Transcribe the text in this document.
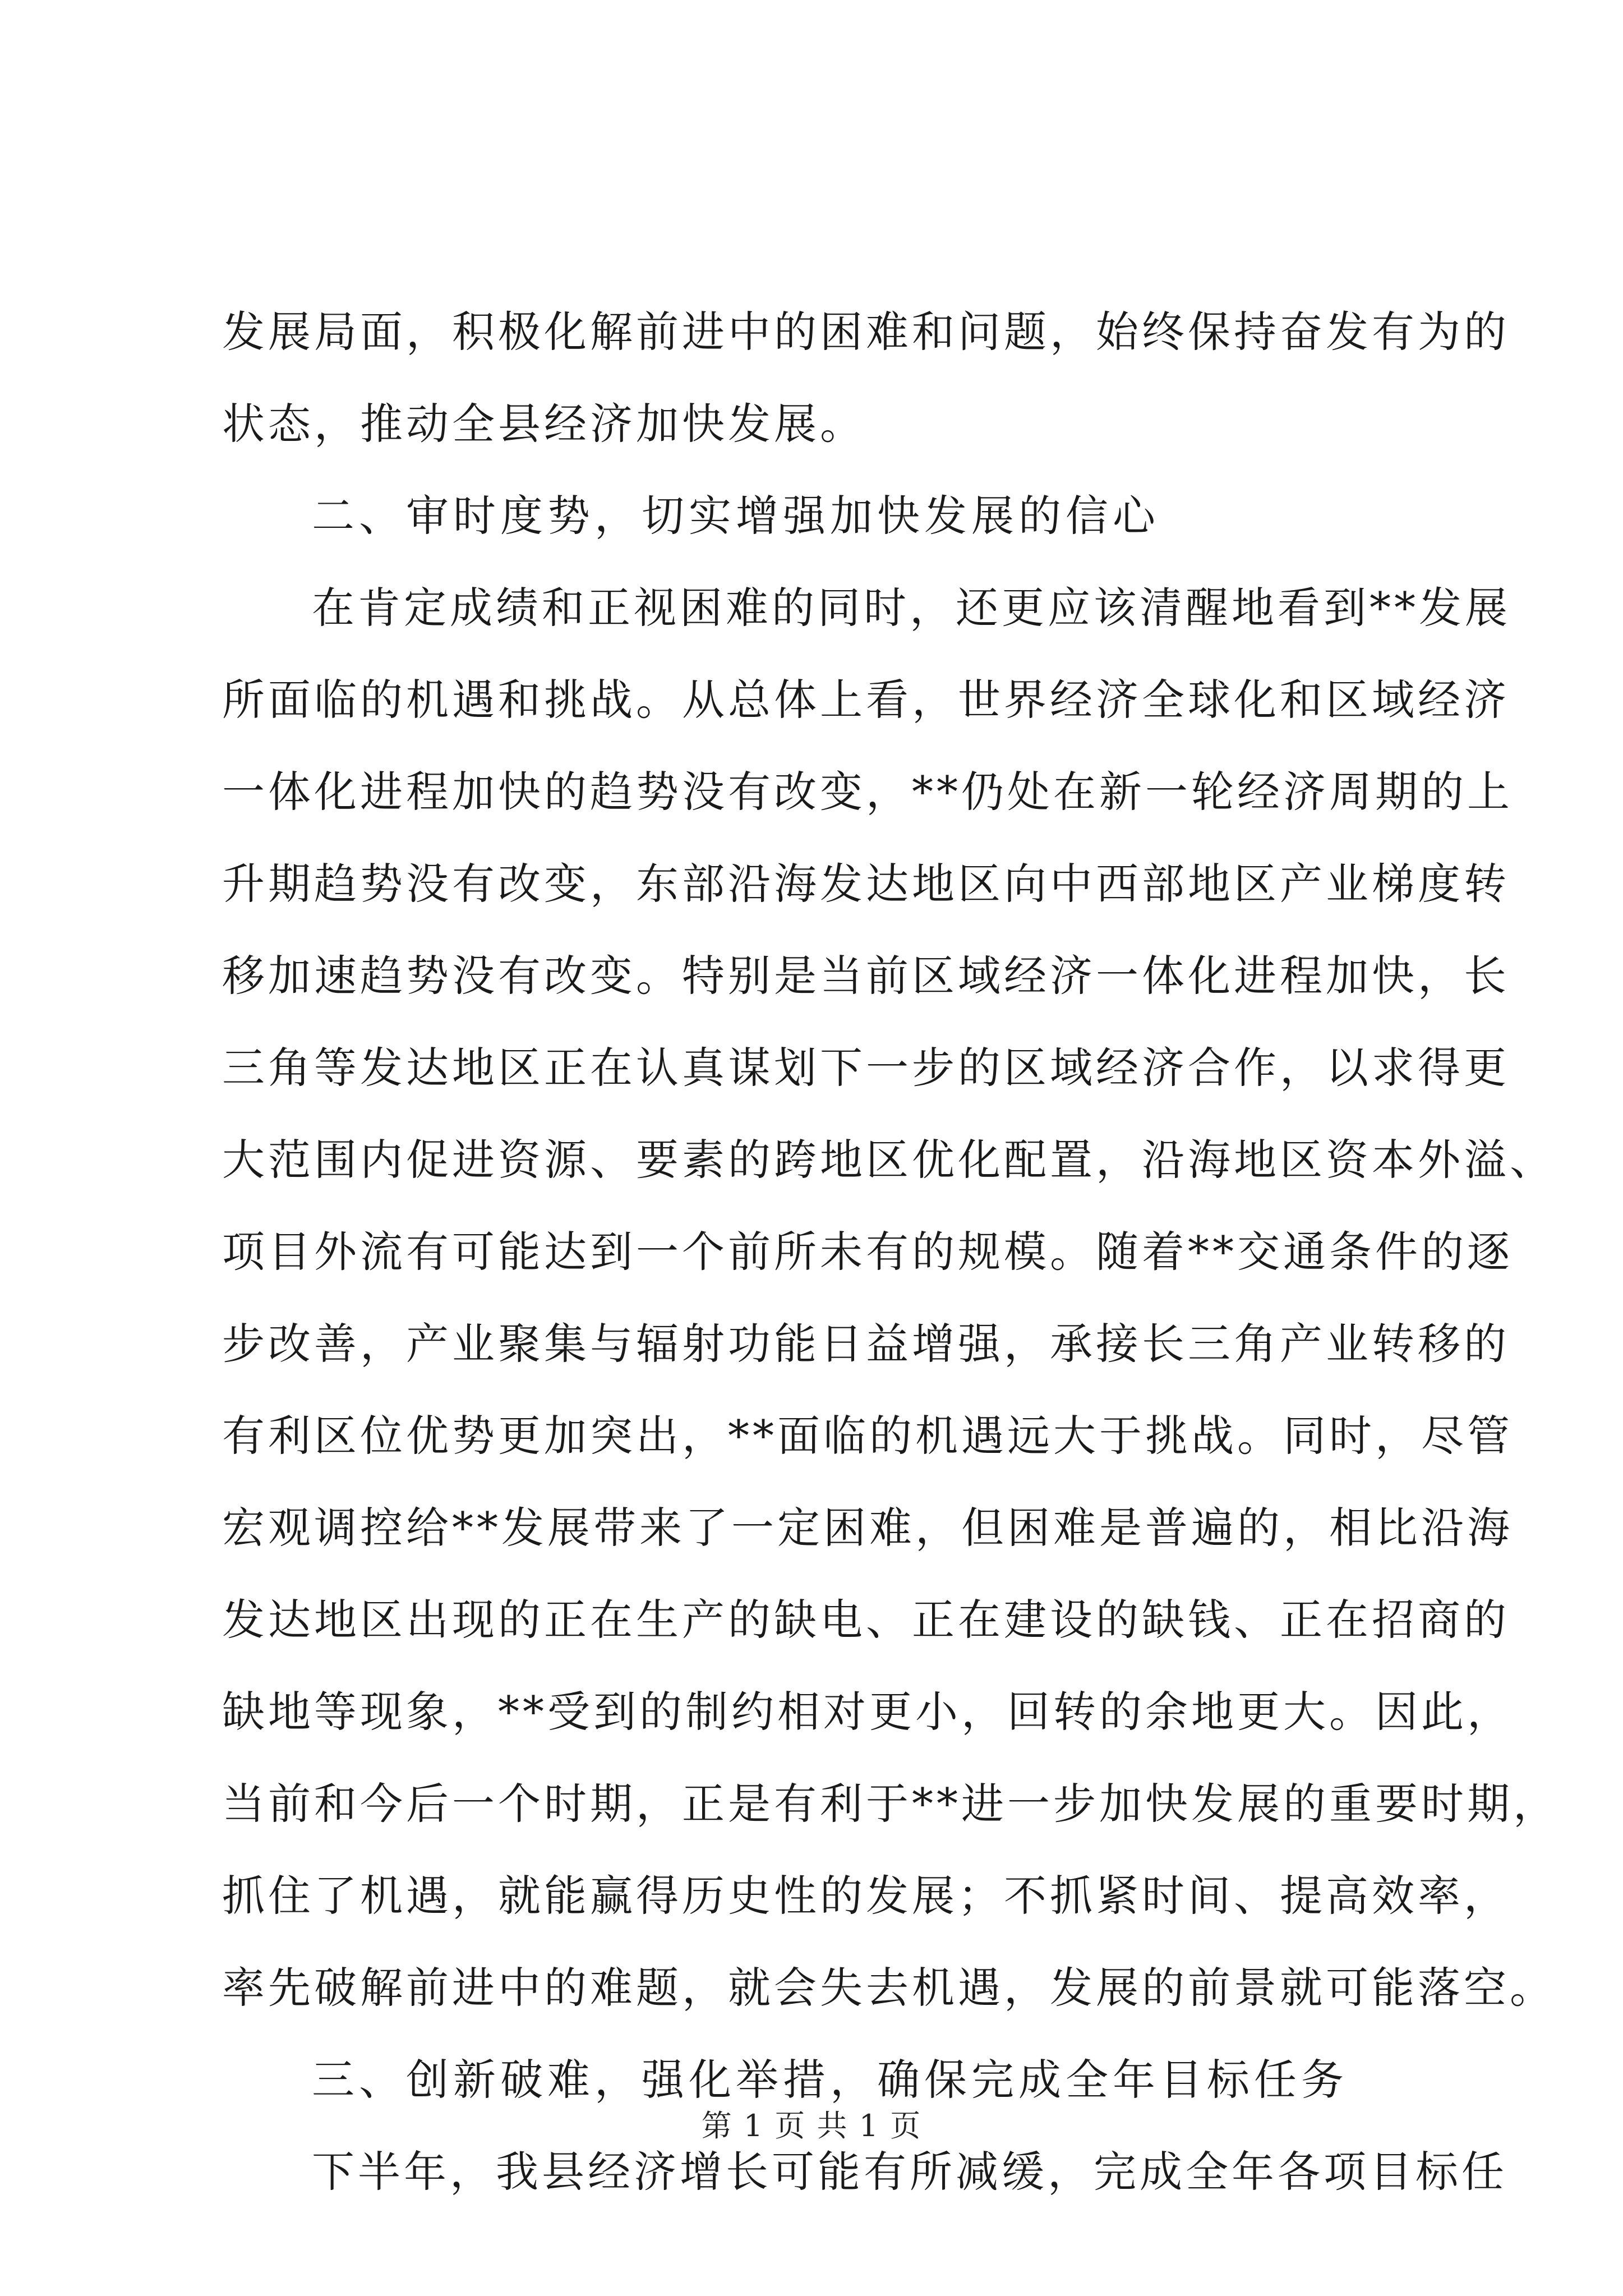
发展局面，积极化解前进中的困难和问题，始终保持奋发有为的
状态，推动全县经济加快发展。
二、审时度势，切实增强加快发展的信心
在肯定成绩和正视困难的同时，还更应该清醒地看到**发展
所面临的机遇和挑战。从总体上看，世界经济全球化和区域经济
一体化进程加快的趋势没有改变，**仍处在新一轮经济周期的上
升期趋势没有改变，东部沿海发达地区向中西部地区产业梯度转
移加速趋势没有改变。特别是当前区域经济一体化进程加快，长
三角等发达地区正在认真谋划下一步的区域经济合作，以求得更
大范围内促进资源、要素的跨地区优化配置，沿海地区资本外溢、
项目外流有可能达到一个前所未有的规模。随着**交通条件的逐
步改善，产业聚集与辐射功能日益增强，承接长三角产业转移的
有利区位优势更加突出，**面临的机遇远大于挑战。同时，尽管
宏观调控给**发展带来了一定困难，但困难是普遍的，相比沿海
发达地区出现的正在生产的缺电、正在建设的缺钱、正在招商的
缺地等现象，**受到的制约相对更小，回转的余地更大。因此，
当前和今后一个时期，正是有利于**进一步加快发展的重要时期，
抓住了机遇，就能赢得历史性的发展；不抓紧时间、提高效率，
率先破解前进中的难题，就会失去机遇，发展的前景就可能落空。
三、创新破难，强化举措，确保完成全年目标任务
下半年，我县经济增长可能有所减缓，完成全年各项目标任
第 1 页 共 1 页
